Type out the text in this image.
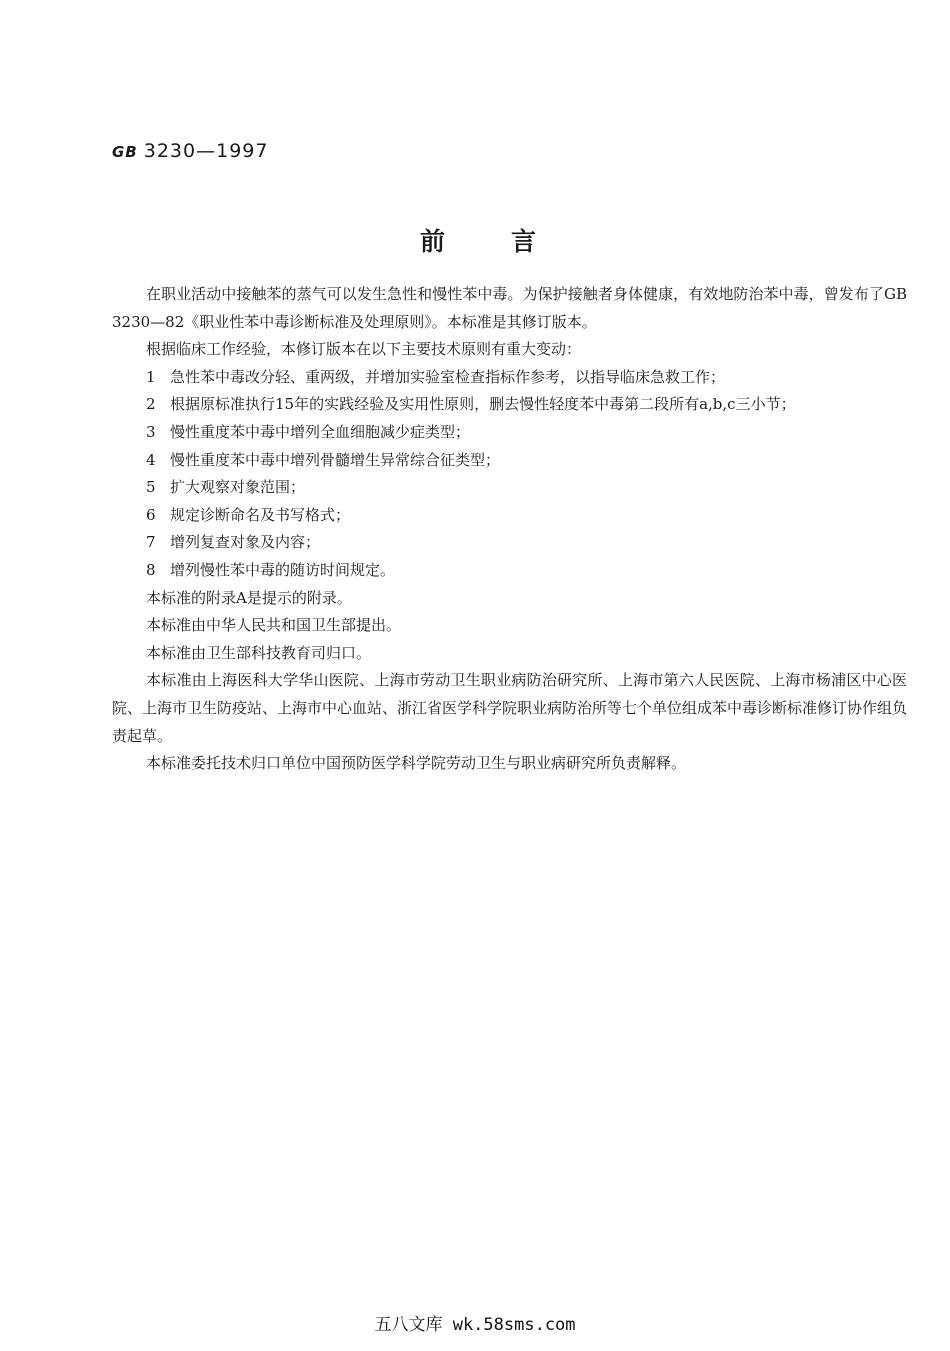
GB 3230—1997
前言

在职业活动中接触苯的蒸气可以发生急性和慢性苯中毒。为保护接触者身体健康，有效地防治苯中毒，曾发布了GB 3230—82《职业性苯中毒诊断标准及处理原则》。本标准是其修订版本。

根据临床工作经验，本修订版本在以下主要技术原则有重大变动：

1 急性苯中毒改分轻、重两级，并增加实验室检查指标作参考，以指导临床急救工作；

2 根据原标准执行15年的实践经验及实用性原则，删去慢性轻度苯中毒第二段所有a,b,c三小节；

3 慢性重度苯中毒中增列全血细胞减少症类型；

4 慢性重度苯中毒中增列骨髓增生异常综合征类型；

5 扩大观察对象范围；

6 规定诊断命名及书写格式；

7 增列复查对象及内容；

8 增列慢性苯中毒的随访时间规定。

本标准的附录A是提示的附录。

本标准由中华人民共和国卫生部提出。

本标准由卫生部科技教育司归口。

本标准由上海医科大学华山医院、上海市劳动卫生职业病防治研究所、上海市第六人民医院、上海市杨浦区中心医院、上海市卫生防疫站、上海市中心血站、浙江省医学科学院职业病防治所等七个单位组成苯中毒诊断标准修订协作组负责起草。

本标准委托技术归口单位中国预防医学科学院劳动卫生与职业病研究所负责解释。

五八文库 wk.58sms.com
